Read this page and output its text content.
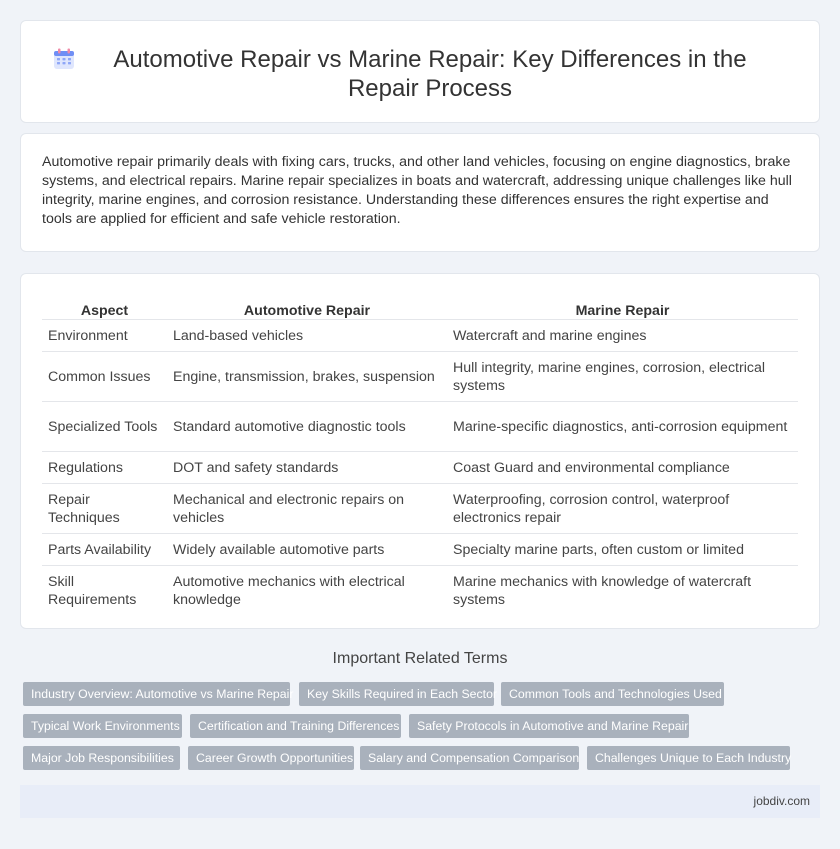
Automotive Repair vs Marine Repair: Key Differences in the Repair Process

Automotive repair primarily deals with fixing cars, trucks, and other land vehicles, focusing on engine diagnostics, brake systems, and electrical repairs. Marine repair specializes in boats and watercraft, addressing unique challenges like hull integrity, marine engines, and corrosion resistance. Understanding these differences ensures the right expertise and tools are applied for efficient and safe vehicle restoration.

Aspect	Automotive Repair	Marine Repair
Environment	Land-based vehicles	Watercraft and marine engines
Common Issues	Engine, transmission, brakes, suspension	Hull integrity, marine engines, corrosion, electrical systems
Specialized Tools	Standard automotive diagnostic tools	Marine-specific diagnostics, anti-corrosion equipment
Regulations	DOT and safety standards	Coast Guard and environmental compliance
Repair Techniques	Mechanical and electronic repairs on vehicles	Waterproofing, corrosion control, waterproof electronics repair
Parts Availability	Widely available automotive parts	Specialty marine parts, often custom or limited
Skill Requirements	Automotive mechanics with electrical knowledge	Marine mechanics with knowledge of watercraft systems
Important Related Terms
Industry Overview: Automotive vs Marine Repair	Key Skills Required in Each Sector Common Tools and Technologies Used
Typical Work Environments	Certification and Training Differences	Safety Protocols in Automotive and Marine Repair
Major Job Responsibilities	Career Growth Opportunities	Salary and Compensation Comparison	Challenges Unique to Each Industry
jobdiv.com
